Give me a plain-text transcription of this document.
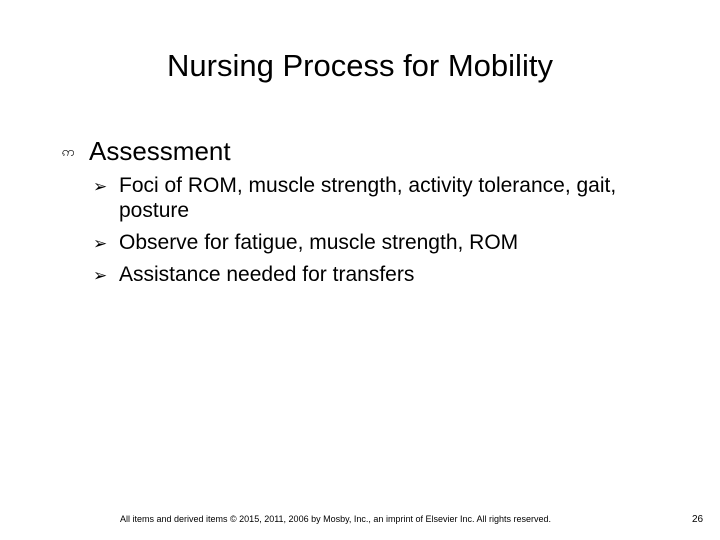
Nursing Process for Mobility
ဢ Assessment
➢ Foci of ROM, muscle strength, activity tolerance, gait, posture
➢ Observe for fatigue, muscle strength, ROM
➢ Assistance needed for transfers
All items and derived items © 2015, 2011, 2006 by Mosby, Inc., an imprint of Elsevier Inc. All rights reserved.	26
